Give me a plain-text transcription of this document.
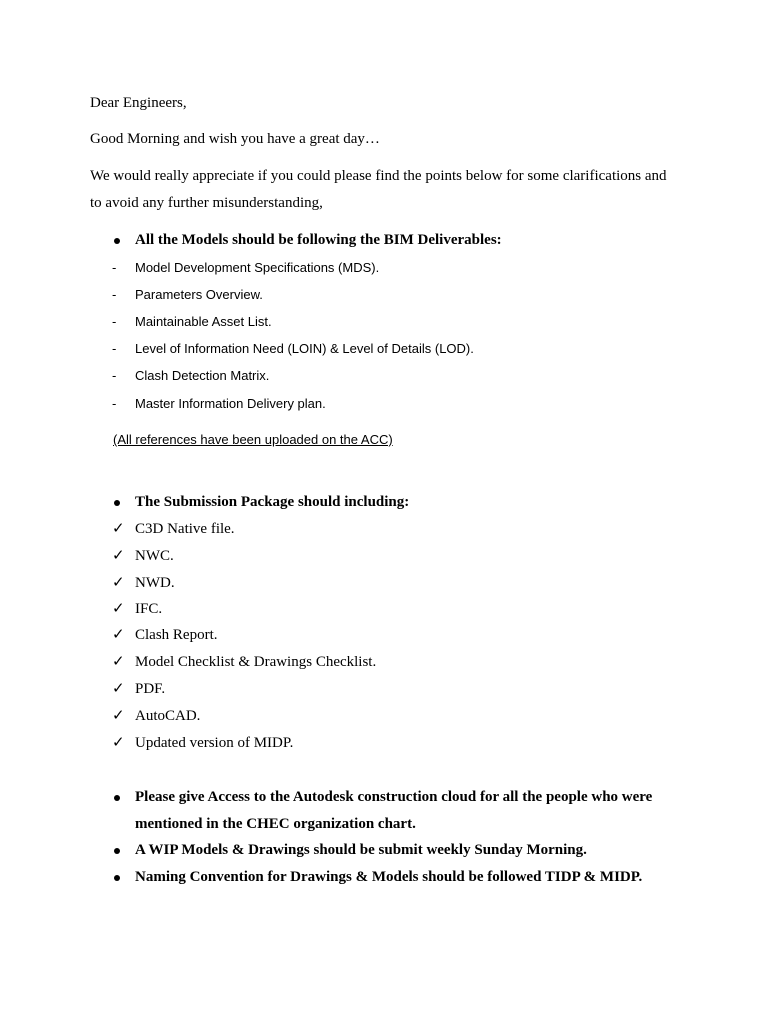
Dear Engineers,
Good Morning and wish you have a great day…
We would really appreciate if you could please find the points below for some clarifications and
to avoid any further misunderstanding,
All the Models should be following the BIM Deliverables:
-	Model Development Specifications (MDS).
-	Parameters Overview.
-	Maintainable Asset List.
-	Level of Information Need (LOIN) & Level of Details (LOD).
-	Clash Detection Matrix.
-	Master Information Delivery plan.
(All references have been uploaded on the ACC)
The Submission Package should including:
✓ C3D Native file.
✓ NWC.
✓ NWD.
✓ IFC.
✓ Clash Report.
✓ Model Checklist & Drawings Checklist.
✓ PDF.
✓ AutoCAD.
✓ Updated version of MIDP.
Please give Access to the Autodesk construction cloud for all the people who were
mentioned in the CHEC organization chart.
A WIP Models & Drawings should be submit weekly Sunday Morning.
Naming Convention for Drawings & Models should be followed TIDP & MIDP.
